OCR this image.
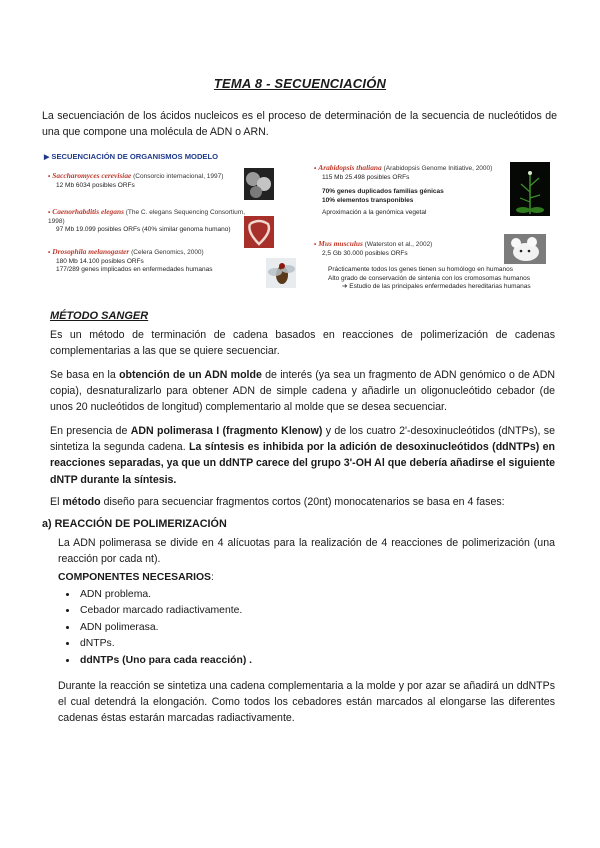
TEMA 8 - SECUENCIACIÓN
La secuenciación de los ácidos nucleicos es el proceso de determinación de la secuencia de nucleótidos de una que compone una molécula de ADN o ARN.
▶ SECUENCIACIÓN DE ORGANISMOS MODELO
• Saccharomyces cerevisiae (Consorcio internacional, 1997)
12 Mb 6034 posibles ORFs
• Caenorhabditis elegans (The C. elegans Sequencing Consortium, 1998)
97 Mb 19.099 posibles ORFs (40% similar genoma humano)
• Drosophila melanogaster (Celera Genomics, 2000)
180 Mb 14.100 posibles ORFs
177/289 genes implicados en enfermedades humanas
• Arabidopsis thaliana (Arabidopsis Genome Initiative, 2000)
115 Mb 25.498 posibles ORFs

70% genes duplicados familias génicas
10% elementos transponibles

Aproximación a la genómica vegetal
• Mus musculus (Waterston et al., 2002)
2,5 Gb 30.000 posibles ORFs

Prácticamente todos los genes tienen su homólogo en humanos
Alto grado de conservación de sintenia con los cromosomas humanos
➔ Estudio de las principales enfermedades hereditarias humanas
MÉTODO SANGER
Es un método de terminación de cadena basados en reacciones de polimerización de cadenas complementarias a las que se quiere secuenciar.
Se basa en la obtención de un ADN molde de interés (ya sea un fragmento de ADN genómico o de ADN copia), desnaturalizarlo para obtener ADN de simple cadena y añadirle un oligonucleótido cebador (de unos 20 nucleótidos de longitud) complementario al molde que se desea secuenciar.
En presencia de ADN polimerasa I (fragmento Klenow) y de los cuatro 2'-desoxinucleótidos (dNTPs), se sintetiza la segunda cadena. La síntesis es inhibida por la adición de desoxinucleótidos (ddNTPs) en reacciones separadas, ya que un ddNTP carece del grupo 3'-OH Al que debería añadirse el siguiente dNTP durante la síntesis.
El método diseño para secuenciar fragmentos cortos (20nt) monocatenarios se basa en 4 fases:
a) REACCIÓN DE POLIMERIZACIÓN
La ADN polimerasa se divide en 4 alícuotas para la realización de 4 reacciones de polimerización (una reacción por cada nt).
COMPONENTES NECESARIOS:
• ADN problema.
• Cebador marcado radiactivamente.
• ADN polimerasa.
• dNTPs.
• ddNTPs (Uno para cada reacción) .
Durante la reacción se sintetiza una cadena complementaria a la molde y por azar se añadirá un ddNTPs el cual detendrá la elongación. Como todos los cebadores están marcados al elongarse las diferentes cadenas éstas estarán marcadas radiactivamente.
